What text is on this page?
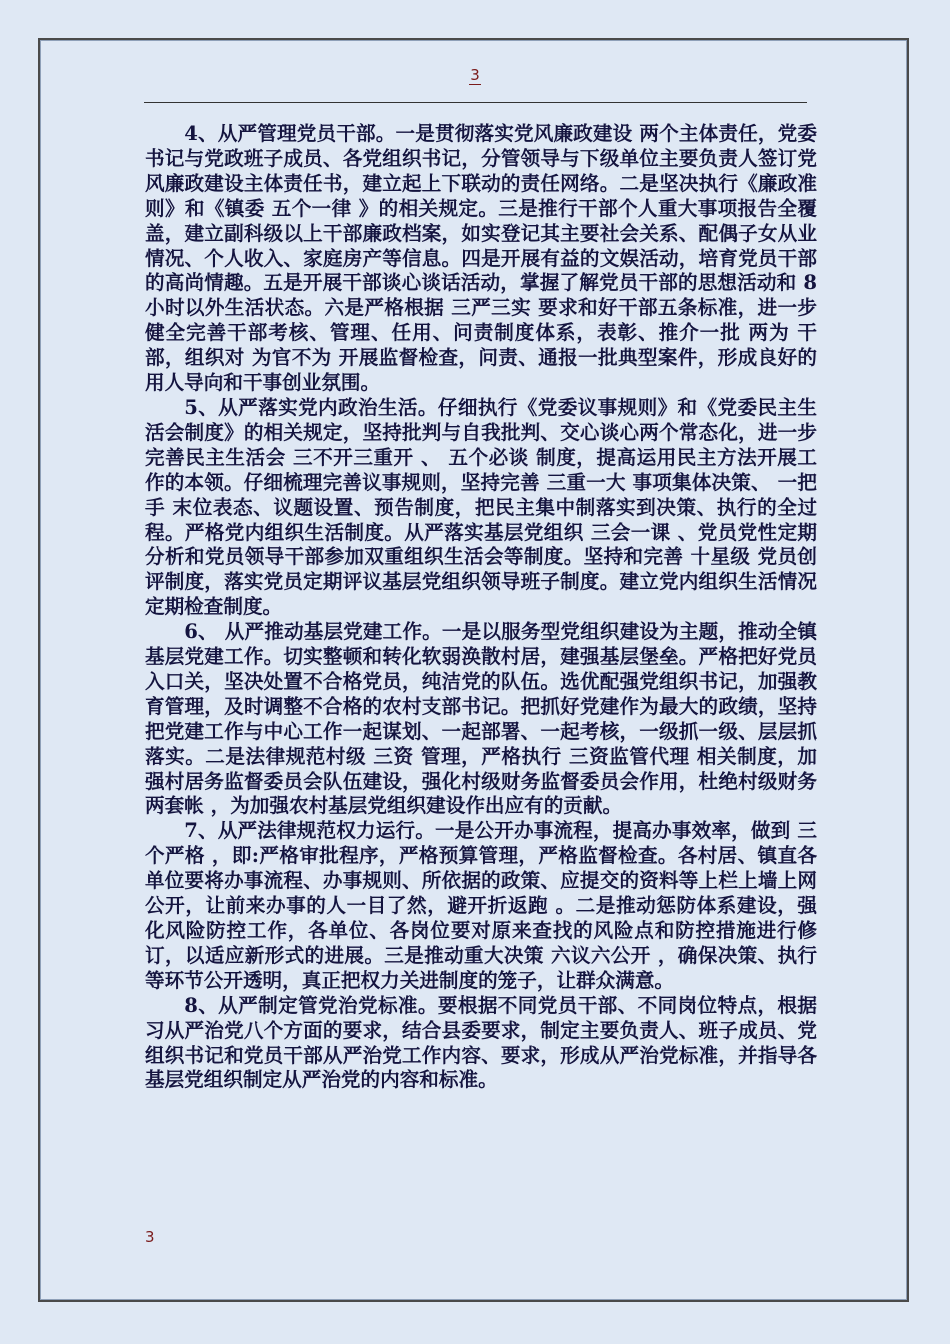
3

4、从严管理党员干部。一是贯彻落实党风廉政建设 两个主体责任，党委书记与党政班子成员、各党组织书记，分管领导与下级单位主要负责人签订党风廉政建设主体责任书，建立起上下联动的责任网络。二是坚决执行《廉政准则》和《镇委 五个一律 》的相关规定。三是推行干部个人重大事项报告全覆盖，建立副科级以上干部廉政档案，如实登记其主要社会关系、配偶子女从业情况、个人收入、家庭房产等信息。四是开展有益的文娱活动，培育党员干部的高尚情趣。五是开展干部谈心谈话活动，掌握了解党员干部的思想活动和 8 小时以外生活状态。六是严格根据 三严三实 要求和好干部五条标准，进一步健全完善干部考核、管理、任用、问责制度体系，表彰、推介一批 两为 干部，组织对 为官不为 开展监督检查，问责、通报一批典型案件，形成良好的用人导向和干事创业氛围。

5、从严落实党内政治生活。仔细执行《党委议事规则》和《党委民主生活会制度》的相关规定，坚持批判与自我批判、交心谈心两个常态化，进一步完善民主生活会 三不开三重开 、 五个必谈 制度，提高运用民主方法开展工作的本领。仔细梳理完善议事规则，坚持完善 三重一大 事项集体决策、 一把手 末位表态、议题设置、预告制度，把民主集中制落实到决策、执行的全过程。严格党内组织生活制度。从严落实基层党组织 三会一课 、党员党性定期分析和党员领导干部参加双重组织生活会等制度。坚持和完善 十星级 党员创评制度，落实党员定期评议基层党组织领导班子制度。建立党内组织生活情况定期检查制度。

6、 从严推动基层党建工作。一是以服务型党组织建设为主题，推动全镇基层党建工作。切实整顿和转化软弱涣散村居，建强基层堡垒。严格把好党员入口关，坚决处置不合格党员，纯洁党的队伍。选优配强党组织书记，加强教育管理，及时调整不合格的农村支部书记。把抓好党建作为最大的政绩，坚持把党建工作与中心工作一起谋划、一起部署、一起考核，一级抓一级、层层抓落实。二是法律规范村级 三资 管理，严格执行 三资监管代理 相关制度，加强村居务监督委员会队伍建设，强化村级财务监督委员会作用，杜绝村级财务 两套帐 ，为加强农村基层党组织建设作出应有的贡献。

7、从严法律规范权力运行。一是公开办事流程，提高办事效率，做到 三个严格 ，即:严格审批程序，严格预算管理，严格监督检查。各村居、镇直各单位要将办事流程、办事规则、所依据的政策、应提交的资料等上栏上墙上网公开，让前来办事的人一目了然，避开折返跑 。二是推动惩防体系建设，强化风险防控工作，各单位、各岗位要对原来查找的风险点和防控措施进行修订，以适应新形式的进展。三是推动重大决策 六议六公开 ，确保决策、执行等环节公开透明，真正把权力关进制度的笼子，让群众满意。

8、从严制定管党治党标准。要根据不同党员干部、不同岗位特点，根据习从严治党八个方面的要求，结合县委要求，制定主要负责人、班子成员、党组织书记和党员干部从严治党工作内容、要求，形成从严治党标准，并指导各基层党组织制定从严治党的内容和标准。

3
